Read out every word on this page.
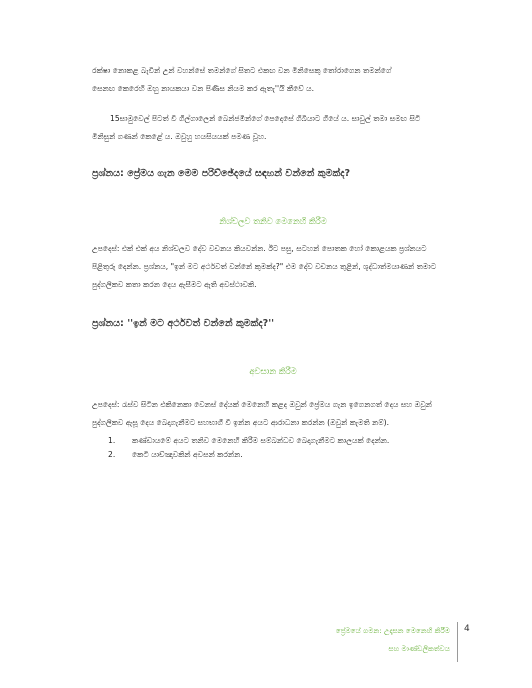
රක්ෂා නොකළ බැවින් උන් වහන්සේ තමන්ගේ සිතට එකඟ වන මිනිසෙකු තෝරාගෙන තමන්ගේ
සෙනඟ කෙරෙහි ඔහු නායකයා වන පිණිස නියම කර ඇතැ''යි කීවේ ය.

15සාමුවෙල් පිටත් වී ගිල්ගාලෙන් බෙන්ජමින්ගේ පෙදෙසේ ගිබියාට ගියේ ය. සාවුල් තමා සමඟ සිටි
මිනිසුන් ගණන් කෙළේ ය. ඔවුහු හයසියයක් පමණ වූහ.

ප්‍රශ්නය: ප්‍රේමය ගැන මෙම පරිච්ඡේදයේ සඳහන් වන්නේ කුමක්ද?

නිශ්චලව තනිව මෙනෙහි කිරීම

උපදෙස්: එක් එක් අය නිශ්චලව දේව වචනය කියවන්න. ඊට පසු, සටහන් පොතක හෝ කොළයක ප්‍රශ්නයට
පිළිතුරු දෙන්න. ප්‍රශ්නය, "ඉන් මට අර්ථවත් වන්නේ කුමක්ද?" එම දේව වචනය තුළින්, ශුද්ධාත්මයාණන් තමාට
පුද්ගලිකව කතා කරන දෙය ඇසීමට ඇති අවස්ථාවකි.

ප්‍රශ්නය: ''ඉන් මට අර්ථවත් වන්නේ කුමක්ද?''

අවසාන කිරීම

උපදෙස්: රැස්ව සිටින එකිනෙකා වෙනස් දේයක් මෙනෙහි කළද ඔවුන් ප්‍රේමය ගැන ඉගෙනගත් දෙය සහ ඔවුන්
පුද්ගලිකව ඇසූ දෙය බෙදාගැනීමට සහභාගී වී ඉන්න අයට ආරාධනා කරන්න (ඔවුන් කැමති නම්).

1.	කණ්ඩායමේ අයට තනිව මෙනෙහි කිරීම සම්බන්ධව බෙදාගැනීමට කාලයක් දෙන්න.
2.	කෙටි යාච්ඤාවකින් අවසන් කරන්න.

ප්‍රේමයේ ගමන: උදෑසන මෙනෙහි කිරීම

සහ මාණ්ඩලිකත්වය

4
